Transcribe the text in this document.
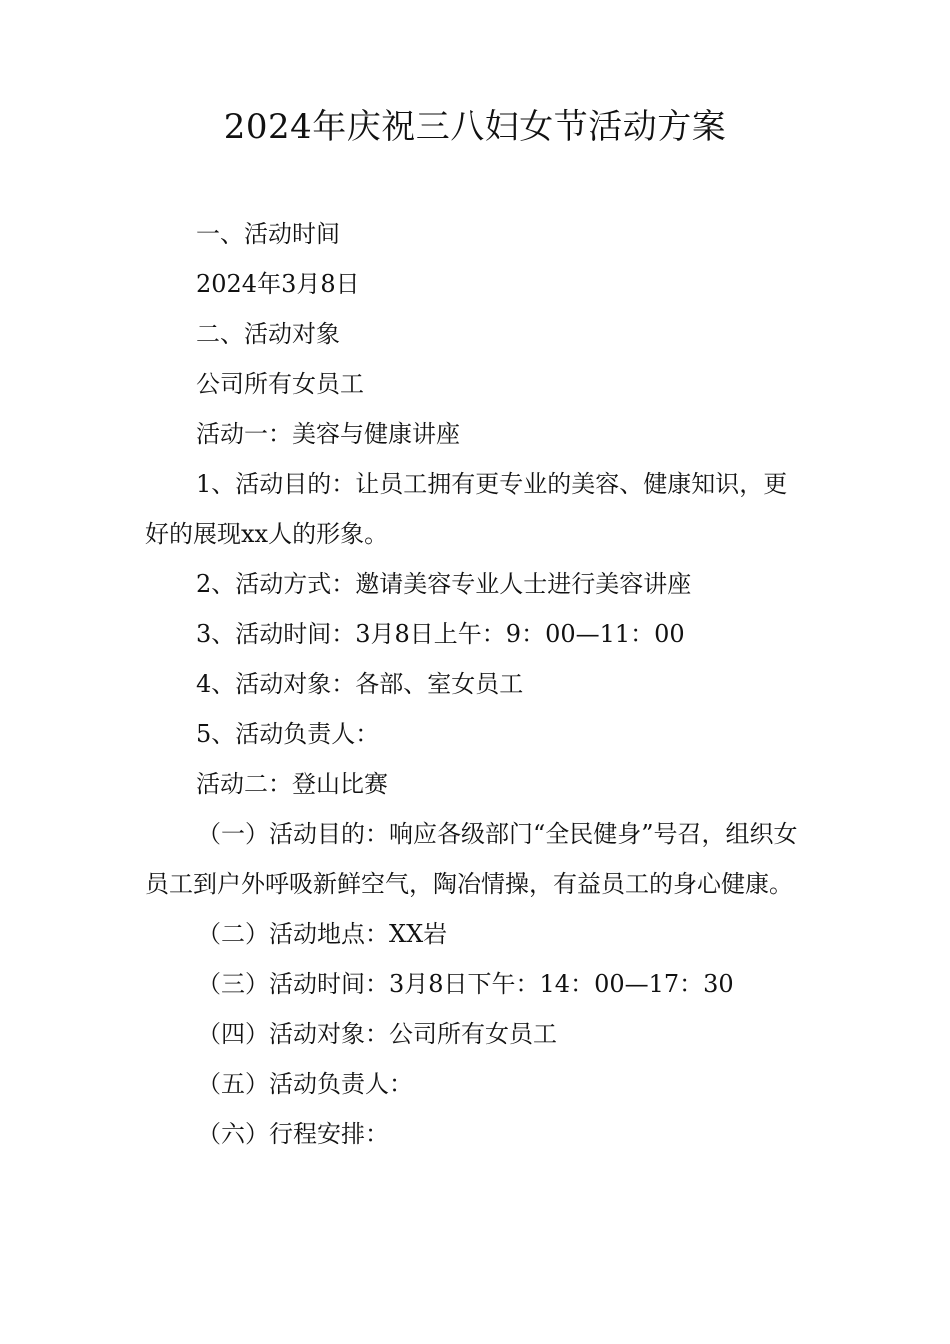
2024年庆祝三八妇女节活动方案

一、活动时间

2024年3月8日

二、活动对象

公司所有女员工

活动一：美容与健康讲座

1、活动目的：让员工拥有更专业的美容、健康知识，更好的展现xx人的形象。

2、活动方式：邀请美容专业人士进行美容讲座

3、活动时间：3月8日上午：9：00—11：00

4、活动对象：各部、室女员工

5、活动负责人：

活动二：登山比赛

（一）活动目的：响应各级部门“全民健身”号召，组织女员工到户外呼吸新鲜空气，陶冶情操，有益员工的身心健康。

（二）活动地点：XX岩

（三）活动时间：3月8日下午：14：00—17：30

（四）活动对象：公司所有女员工

（五）活动负责人：

（六）行程安排：
